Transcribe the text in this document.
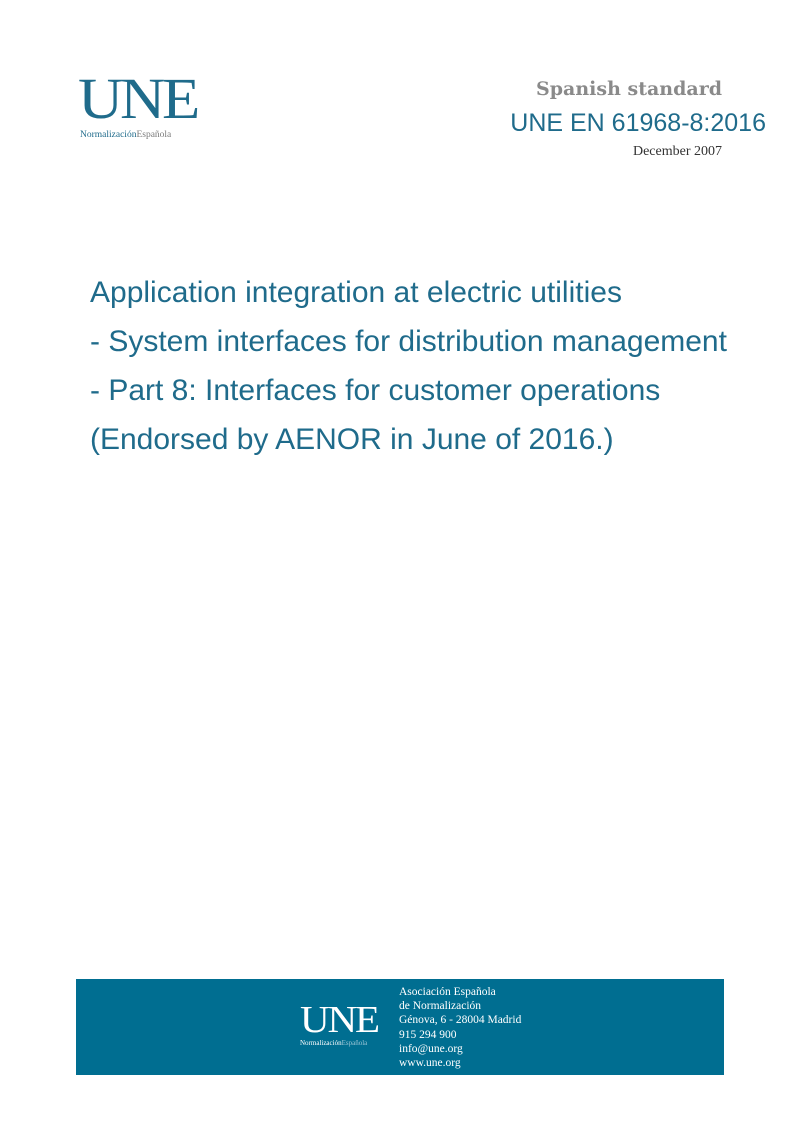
UNE
NormalizaciónEspañola
Spanish standard
UNE EN 61968-8:2016
December 2007
Application integration at electric utilities
- System interfaces for distribution management
- Part 8: Interfaces for customer operations
(Endorsed by AENOR in June of 2016.)
UNE
NormalizaciónEspañola
Asociación Española
de Normalización
Génova, 6 - 28004 Madrid
915 294 900
info@une.org
www.une.org
